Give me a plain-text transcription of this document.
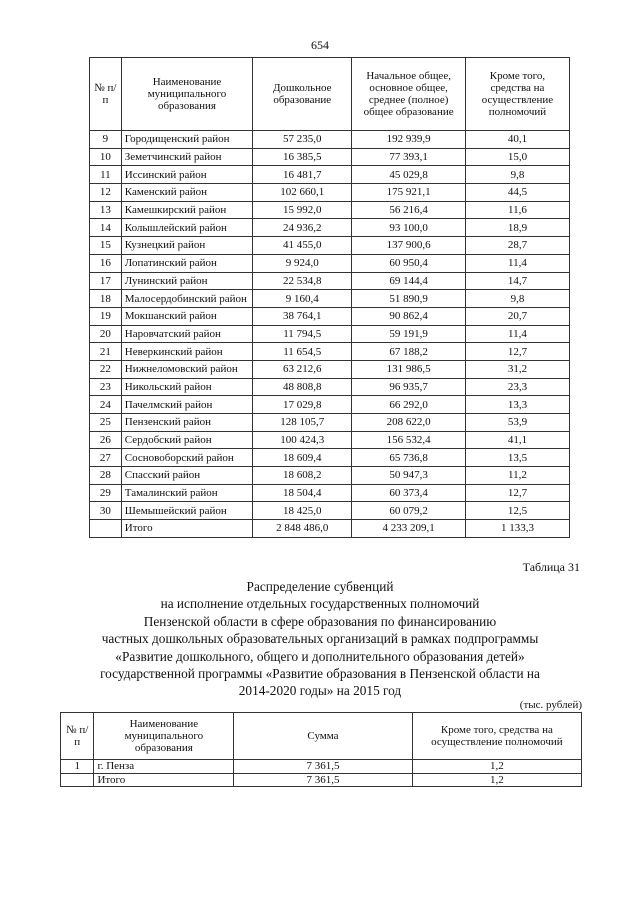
654
№ п/п	Наименование муниципального образования	Дошкольное образование	Начальное общее, основное общее, среднее (полное) общее образование	Кроме того, средства на осуществление полномочий
9	Городищенский район	57 235,0	192 939,9	40,1
10	Земетчинский район	16 385,5	77 393,1	15,0
11	Иссинский район	16 481,7	45 029,8	9,8
12	Каменский район	102 660,1	175 921,1	44,5
13	Камешкирский район	15 992,0	56 216,4	11,6
14	Колышлейский район	24 936,2	93 100,0	18,9
15	Кузнецкий район	41 455,0	137 900,6	28,7
16	Лопатинский район	9 924,0	60 950,4	11,4
17	Лунинский район	22 534,8	69 144,4	14,7
18	Малосердобинский район	9 160,4	51 890,9	9,8
19	Мокшанский район	38 764,1	90 862,4	20,7
20	Наровчатский район	11 794,5	59 191,9	11,4
21	Неверкинский район	11 654,5	67 188,2	12,7
22	Нижнеломовский район	63 212,6	131 986,5	31,2
23	Никольский район	48 808,8	96 935,7	23,3
24	Пачелмский район	17 029,8	66 292,0	13,3
25	Пензенский район	128 105,7	208 622,0	53,9
26	Сердобский район	100 424,3	156 532,4	41,1
27	Сосновоборский район	18 609,4	65 736,8	13,5
28	Спасский район	18 608,2	50 947,3	11,2
29	Тамалинский район	18 504,4	60 373,4	12,7
30	Шемышейский район	18 425,0	60 079,2	12,5
	Итого	2 848 486,0	4 233 209,1	1 133,3
Таблица 31
Распределение субвенций
на исполнение отдельных государственных полномочий
Пензенской области в сфере образования по финансированию
частных дошкольных образовательных организаций в рамках подпрограммы
«Развитие дошкольного, общего и дополнительного образования детей»
государственной программы «Развитие образования в Пензенской области на
2014-2020 годы» на 2015 год
(тыс. рублей)
№ п/п	Наименование муниципального образования	Сумма	Кроме того, средства на осуществление полномочий
1	г. Пенза	7 361,5	1,2
	Итого	7 361,5	1,2
